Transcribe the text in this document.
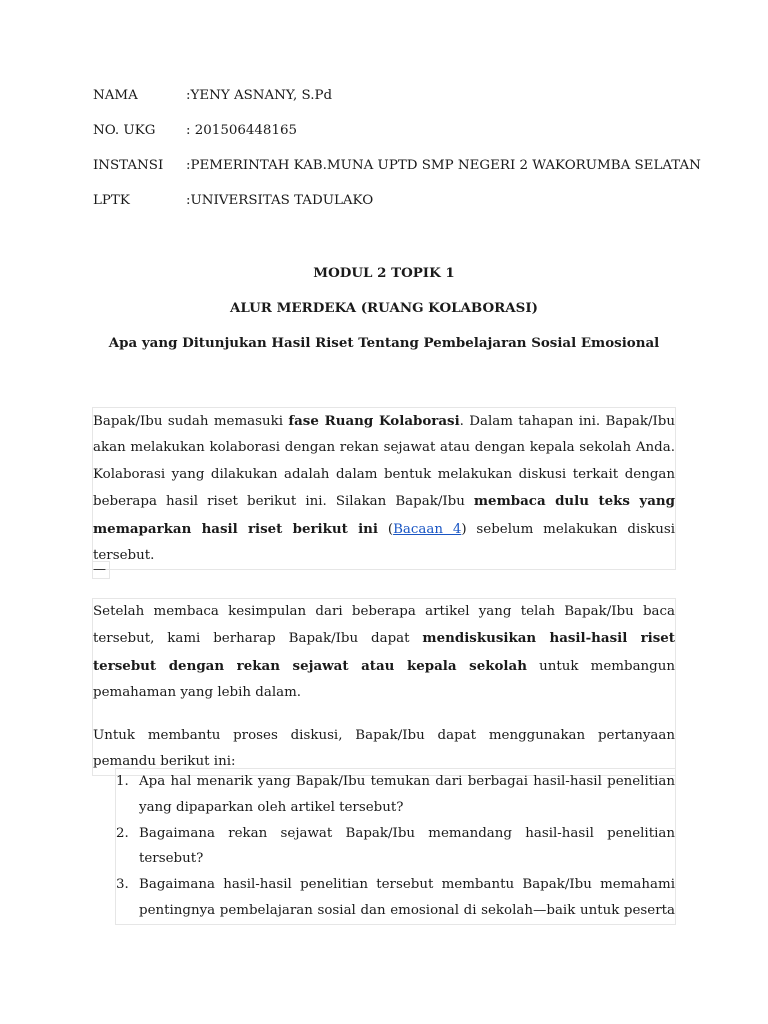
NAMA	:YENY ASNANY, S.Pd
NO. UKG : 201506448165
INSTANSI :PEMERINTAH KAB.MUNA UPTD SMP NEGERI 2 WAKORUMBA SELATAN
LPTK	:UNIVERSITAS TADULAKO
MODUL 2 TOPIK 1
ALUR MERDEKA (RUANG KOLABORASI)
Apa yang Ditunjukan Hasil Riset Tentang Pembelajaran Sosial Emosional

Bapak/Ibu sudah memasuki fase Ruang Kolaborasi. Dalam tahapan ini. Bapak/Ibu akan melakukan kolaborasi dengan rekan sejawat atau dengan kepala sekolah Anda. Kolaborasi yang dilakukan adalah dalam bentuk melakukan diskusi terkait dengan beberapa hasil riset berikut ini. Silakan Bapak/Ibu membaca dulu teks yang memaparkan hasil riset berikut ini (Bacaan 4) sebelum melakukan diskusi tersebut.

—

Setelah membaca kesimpulan dari beberapa artikel yang telah Bapak/Ibu baca tersebut, kami berharap Bapak/Ibu dapat mendiskusikan hasil-hasil riset tersebut dengan rekan sejawat atau kepala sekolah untuk membangun pemahaman yang lebih dalam.

Untuk membantu proses diskusi, Bapak/Ibu dapat menggunakan pertanyaan pemandu berikut ini:

1. Apa hal menarik yang Bapak/Ibu temukan dari berbagai hasil-hasil penelitian yang dipaparkan oleh artikel tersebut?
2. Bagaimana rekan sejawat Bapak/Ibu memandang hasil-hasil penelitian tersebut?
3. Bagaimana hasil-hasil penelitian tersebut membantu Bapak/Ibu memahami pentingnya pembelajaran sosial dan emosional di sekolah—baik untuk peserta
